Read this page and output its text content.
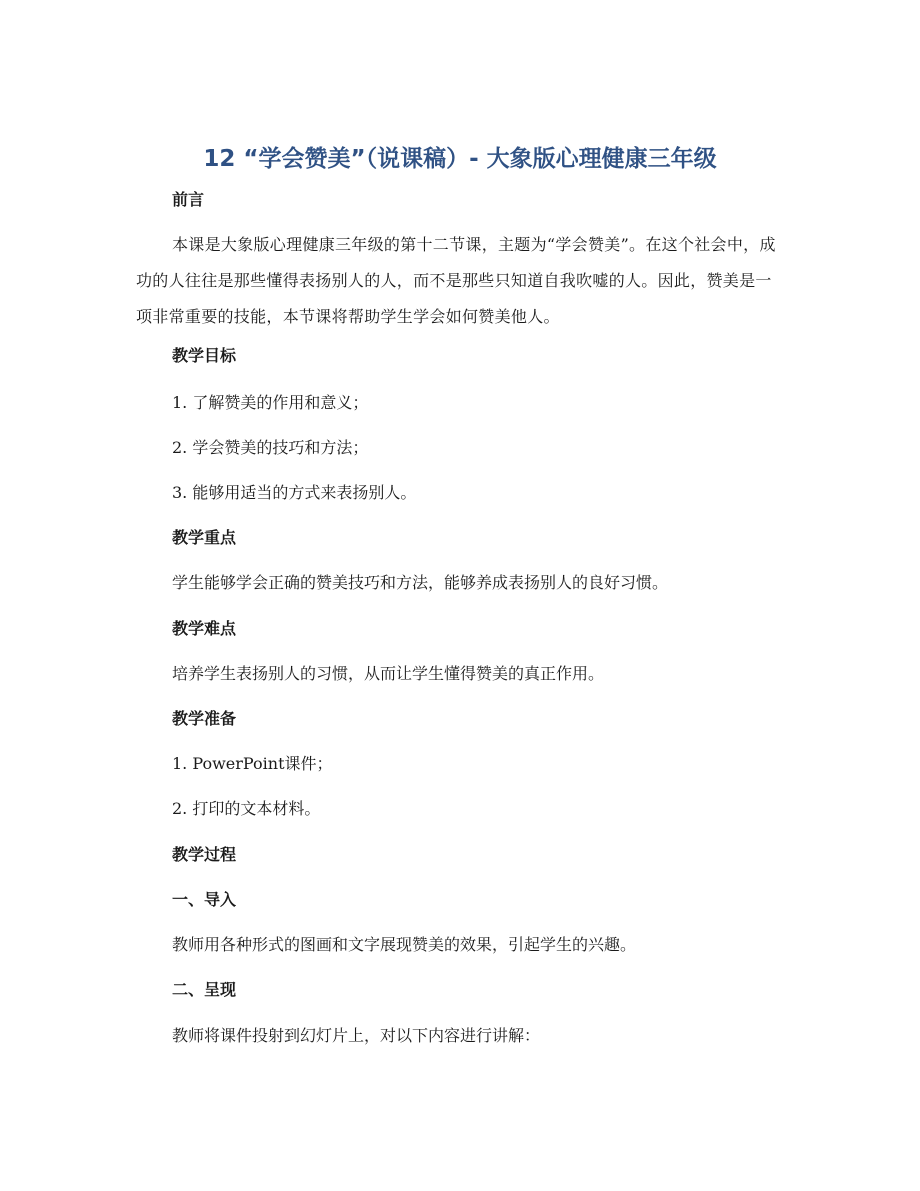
12 “学会赞美”（说课稿）- 大象版心理健康三年级
前言
本课是大象版心理健康三年级的第十二节课，主题为“学会赞美”。在这个社会中，成功的人往往是那些懂得表扬别人的人，而不是那些只知道自我吹嘘的人。因此，赞美是一项非常重要的技能，本节课将帮助学生学会如何赞美他人。
教学目标
1. 了解赞美的作用和意义；
2. 学会赞美的技巧和方法；
3. 能够用适当的方式来表扬别人。
教学重点
学生能够学会正确的赞美技巧和方法，能够养成表扬别人的良好习惯。
教学难点
培养学生表扬别人的习惯，从而让学生懂得赞美的真正作用。
教学准备
1. PowerPoint课件；
2. 打印的文本材料。
教学过程
一、导入
教师用各种形式的图画和文字展现赞美的效果，引起学生的兴趣。
二、呈现
教师将课件投射到幻灯片上，对以下内容进行讲解：
